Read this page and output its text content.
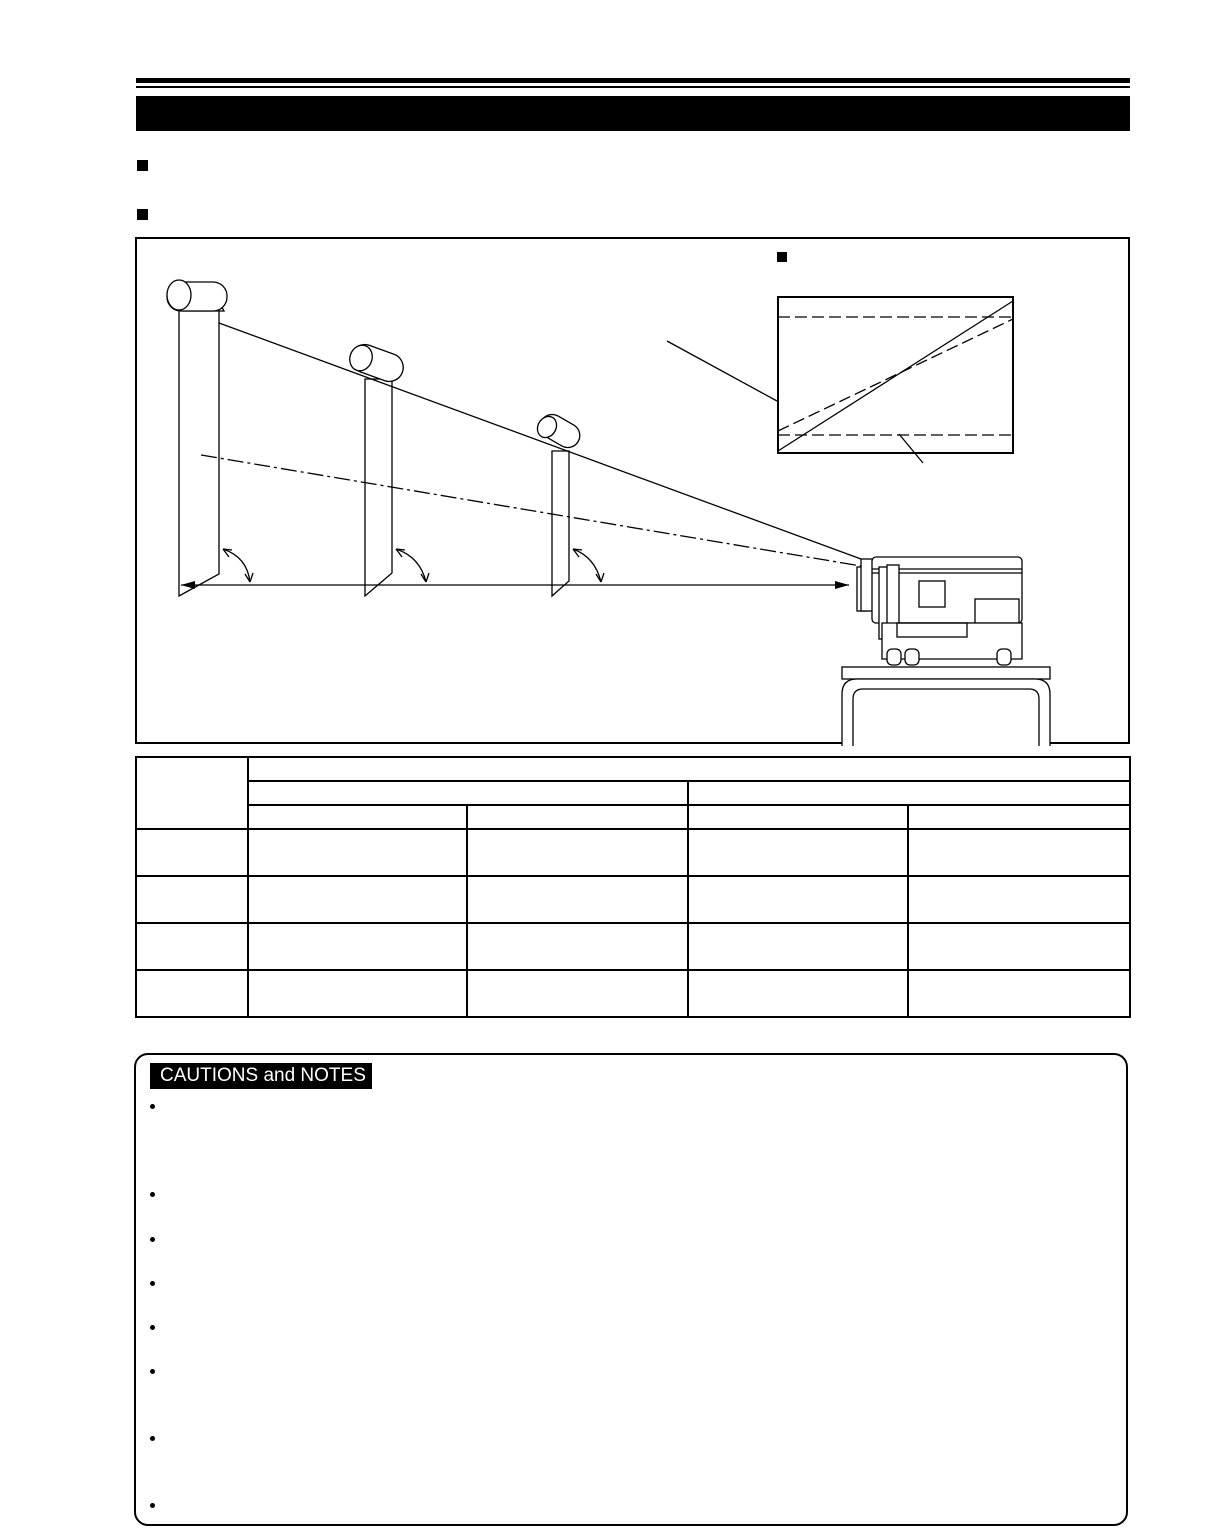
CAUTIONS and NOTES
